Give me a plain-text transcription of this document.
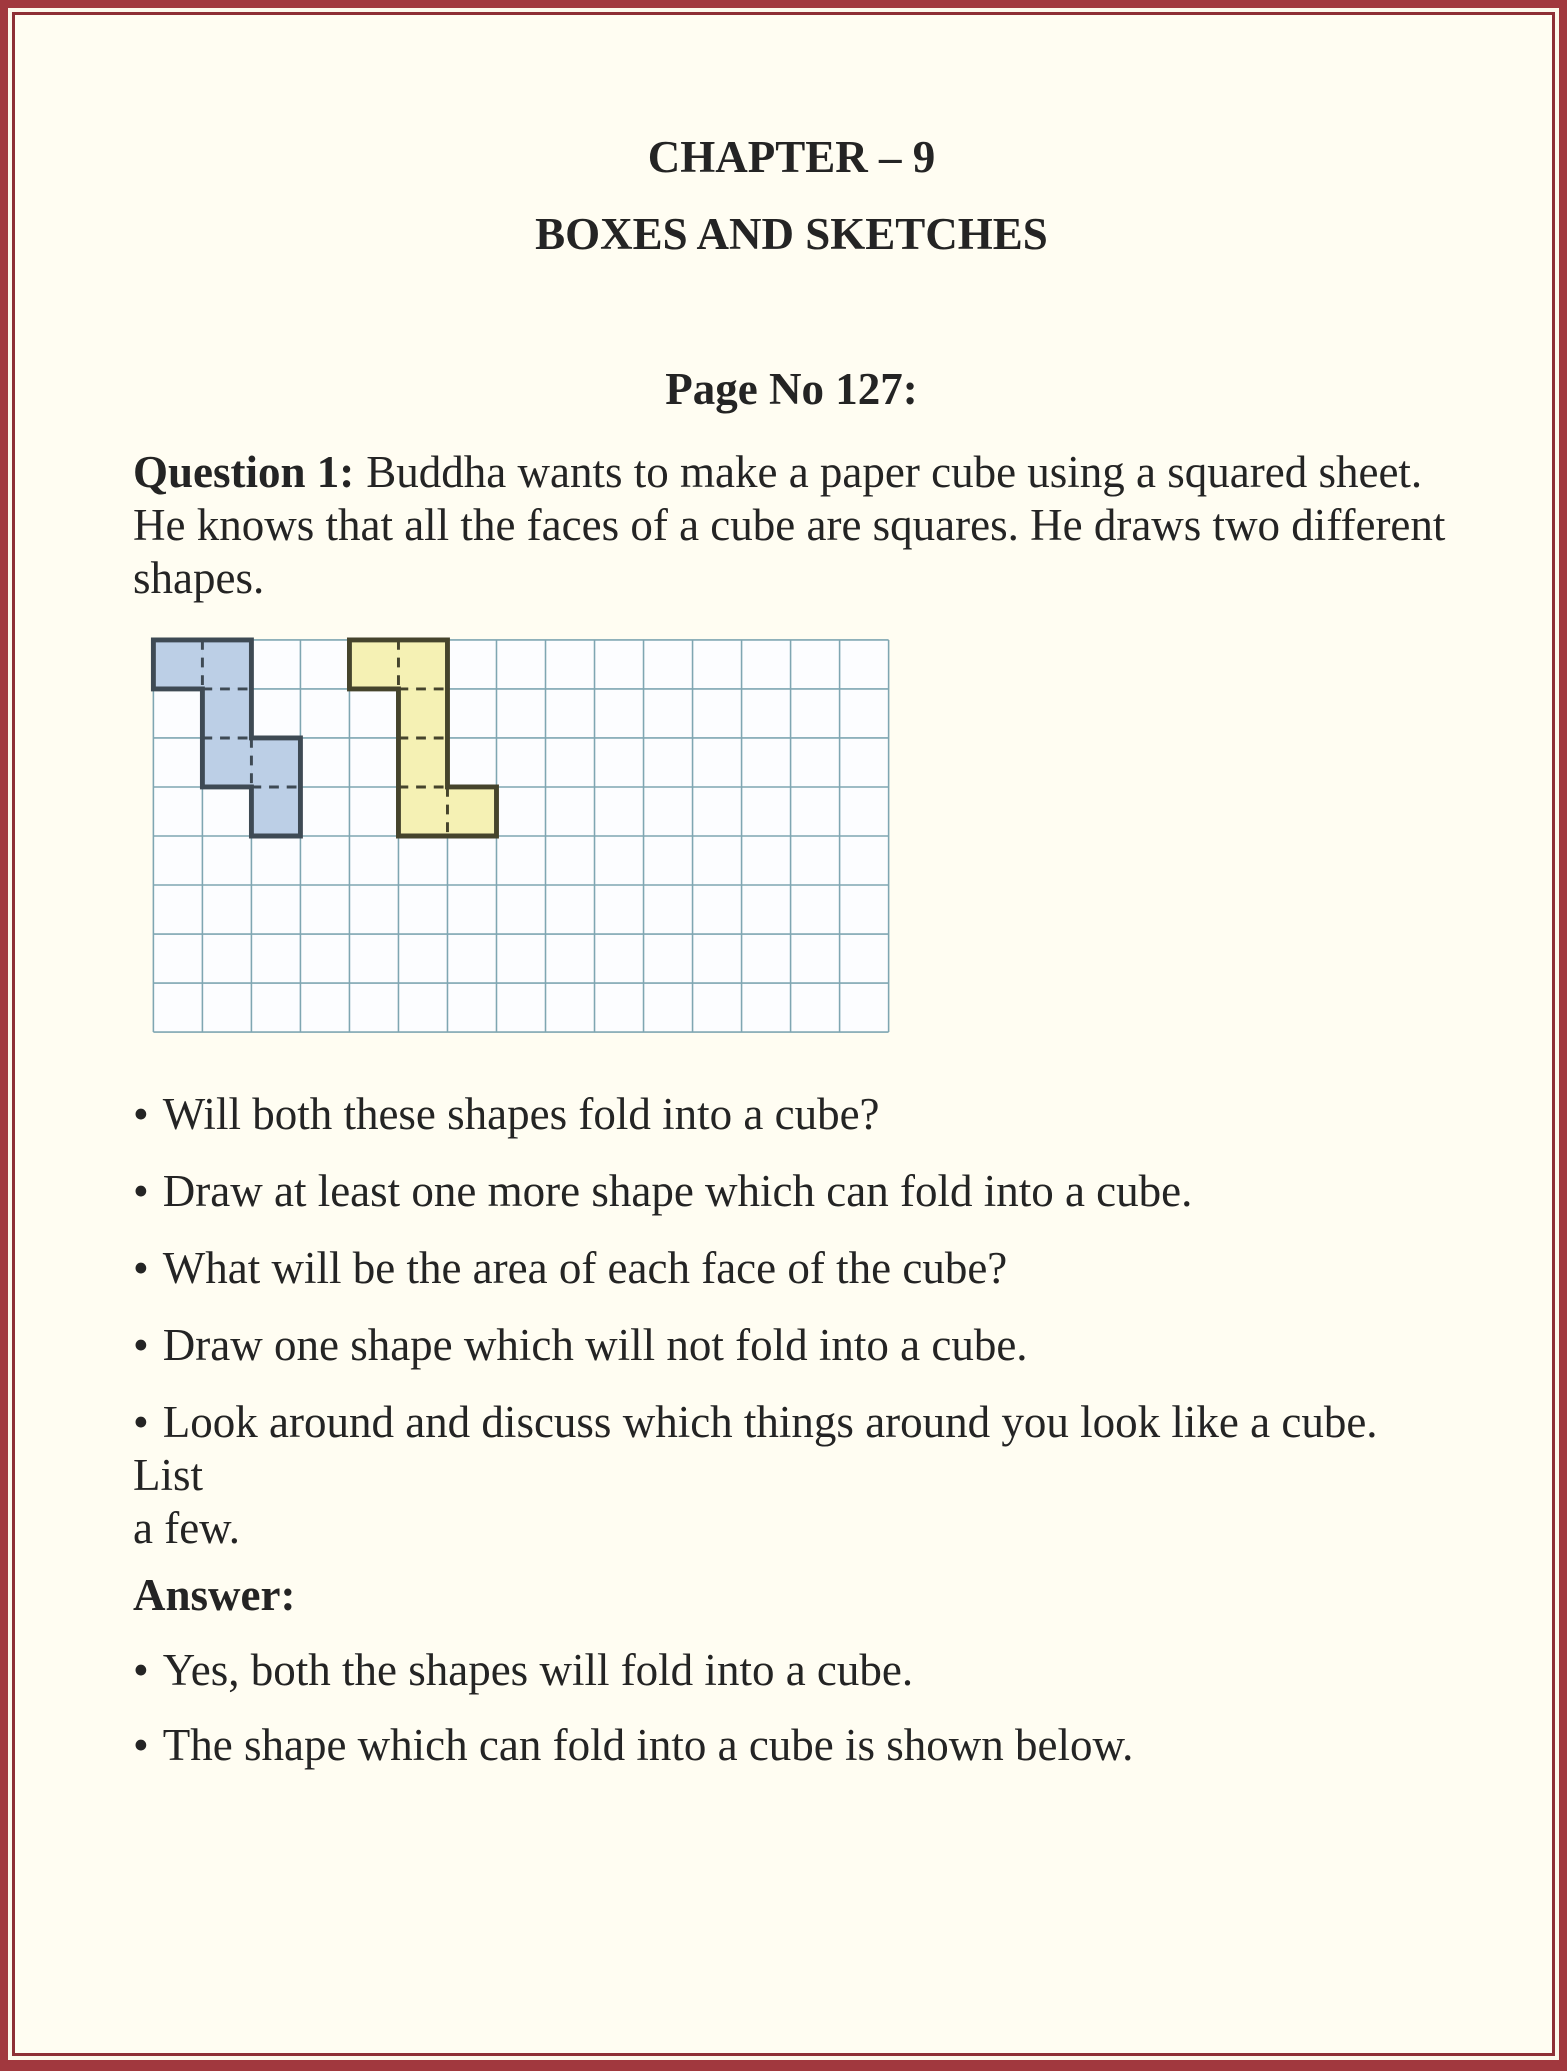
CHAPTER – 9

BOXES AND SKETCHES

Page No 127:

Question 1: Buddha wants to make a paper cube using a squared sheet.
He knows that all the faces of a cube are squares. He draws two different
shapes.

• Will both these shapes fold into a cube?

• Draw at least one more shape which can fold into a cube.

• What will be the area of each face of the cube?

• Draw one shape which will not fold into a cube.

• Look around and discuss which things around you look like a cube. List
a few.

Answer:

• Yes, both the shapes will fold into a cube.

• The shape which can fold into a cube is shown below.
